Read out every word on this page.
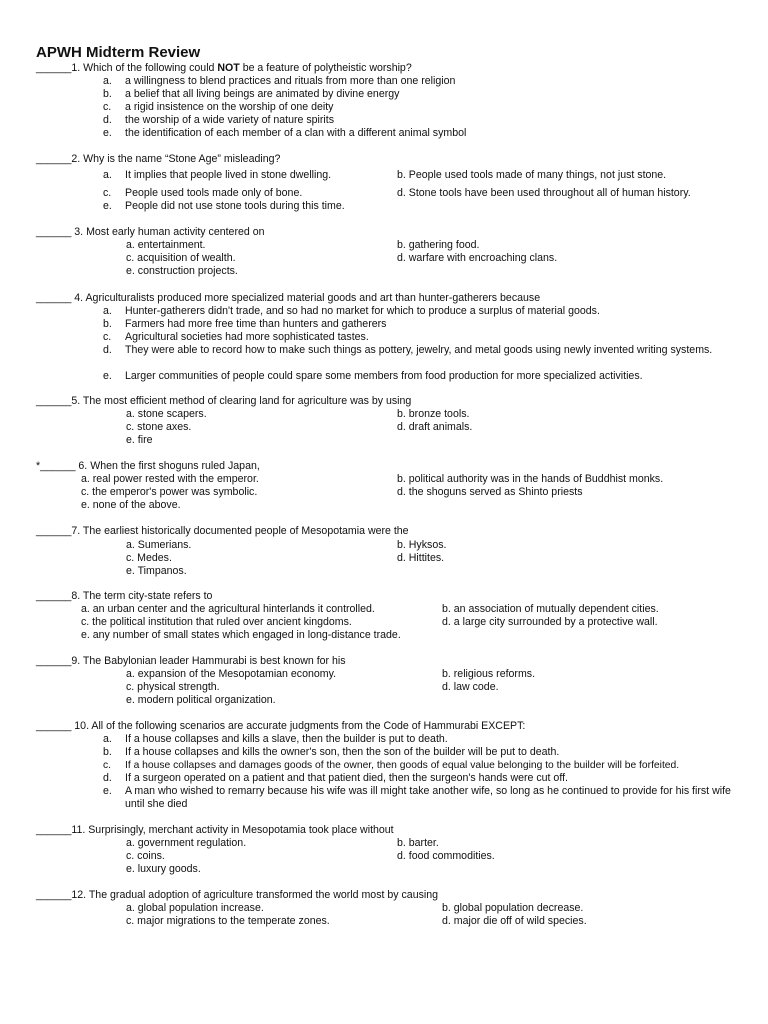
APWH Midterm Review
______1. Which of the following could NOT be a feature of polytheistic worship?
a. a willingness to blend practices and rituals from more than one religion
b. a belief that all living beings are animated by divine energy
c. a rigid insistence on the worship of one deity
d. the worship of a wide variety of nature spirits
e. the identification of each member of a clan with a different animal symbol
______2. Why is the name “Stone Age” misleading?
a. It implies that people lived in stone dwelling.	b. People used tools made of many things, not just stone.
c. People used tools made only of bone.	d. Stone tools have been used throughout all of human history.
e. People did not use stone tools during this time.
______ 3. Most early human activity centered on
a. entertainment.	b. gathering food.
c. acquisition of wealth.	d. warfare with encroaching clans.
e. construction projects.
______ 4. Agriculturalists produced more specialized material goods and art than hunter-gatherers because
a. Hunter-gatherers didn't trade, and so had no market for which to produce a surplus of material goods.
b. Farmers had more free time than hunters and gatherers
c. Agricultural societies had more sophisticated tastes.
d.	They were able to record how to make such things as pottery, jewelry, and metal goods using newly invented writing systems.
e. Larger communities of people could spare some members from food production for more specialized activities.
______5. The most efficient method of clearing land for agriculture was by using
a. stone scapers.	b. bronze tools.
c. stone axes.	d. draft animals.
e. fire
*______ 6. When the first shoguns ruled Japan,
a. real power rested with the emperor.	b. political authority was in the hands of Buddhist monks.
c. the emperor's power was symbolic.	d. the shoguns served as Shinto priests
e. none of the above.
______7. The earliest historically documented people of Mesopotamia were the
a. Sumerians.	b. Hyksos.
c. Medes.	d. Hittites.
e. Timpanos.
______8. The term city-state refers to
a. an urban center and the agricultural hinterlands it controlled.	b. an association of mutually dependent cities.
c. the political institution that ruled over ancient kingdoms.	d. a large city surrounded by a protective wall.
e. any number of small states which engaged in long-distance trade.
______9. The Babylonian leader Hammurabi is best known for his
a. expansion of the Mesopotamian economy.	b. religious reforms.
c. physical strength.	d. law code.
e. modern political organization.
______ 10. All of the following scenarios are accurate judgments from the Code of Hammurabi EXCEPT:
a. If a house collapses and kills a slave, then the builder is put to death.
b. If a house collapses and kills the owner's son, then the son of the builder will be put to death.
c. If a house collapses and damages goods of the owner, then goods of equal value belonging to the builder will be forfeited.
d. If a surgeon operated on a patient and that patient died, then the surgeon's hands were cut off.
e.	A man who wished to remarry because his wife was ill might take another wife, so long as he continued to provide for his first wife until she died
______11. Surprisingly, merchant activity in Mesopotamia took place without
a. government regulation.	b. barter.
c. coins.	d. food commodities.
e. luxury goods.
______12. The gradual adoption of agriculture transformed the world most by causing
a. global population increase.	b. global population decrease.
c. major migrations to the temperate zones.	d. major die off of wild species.
